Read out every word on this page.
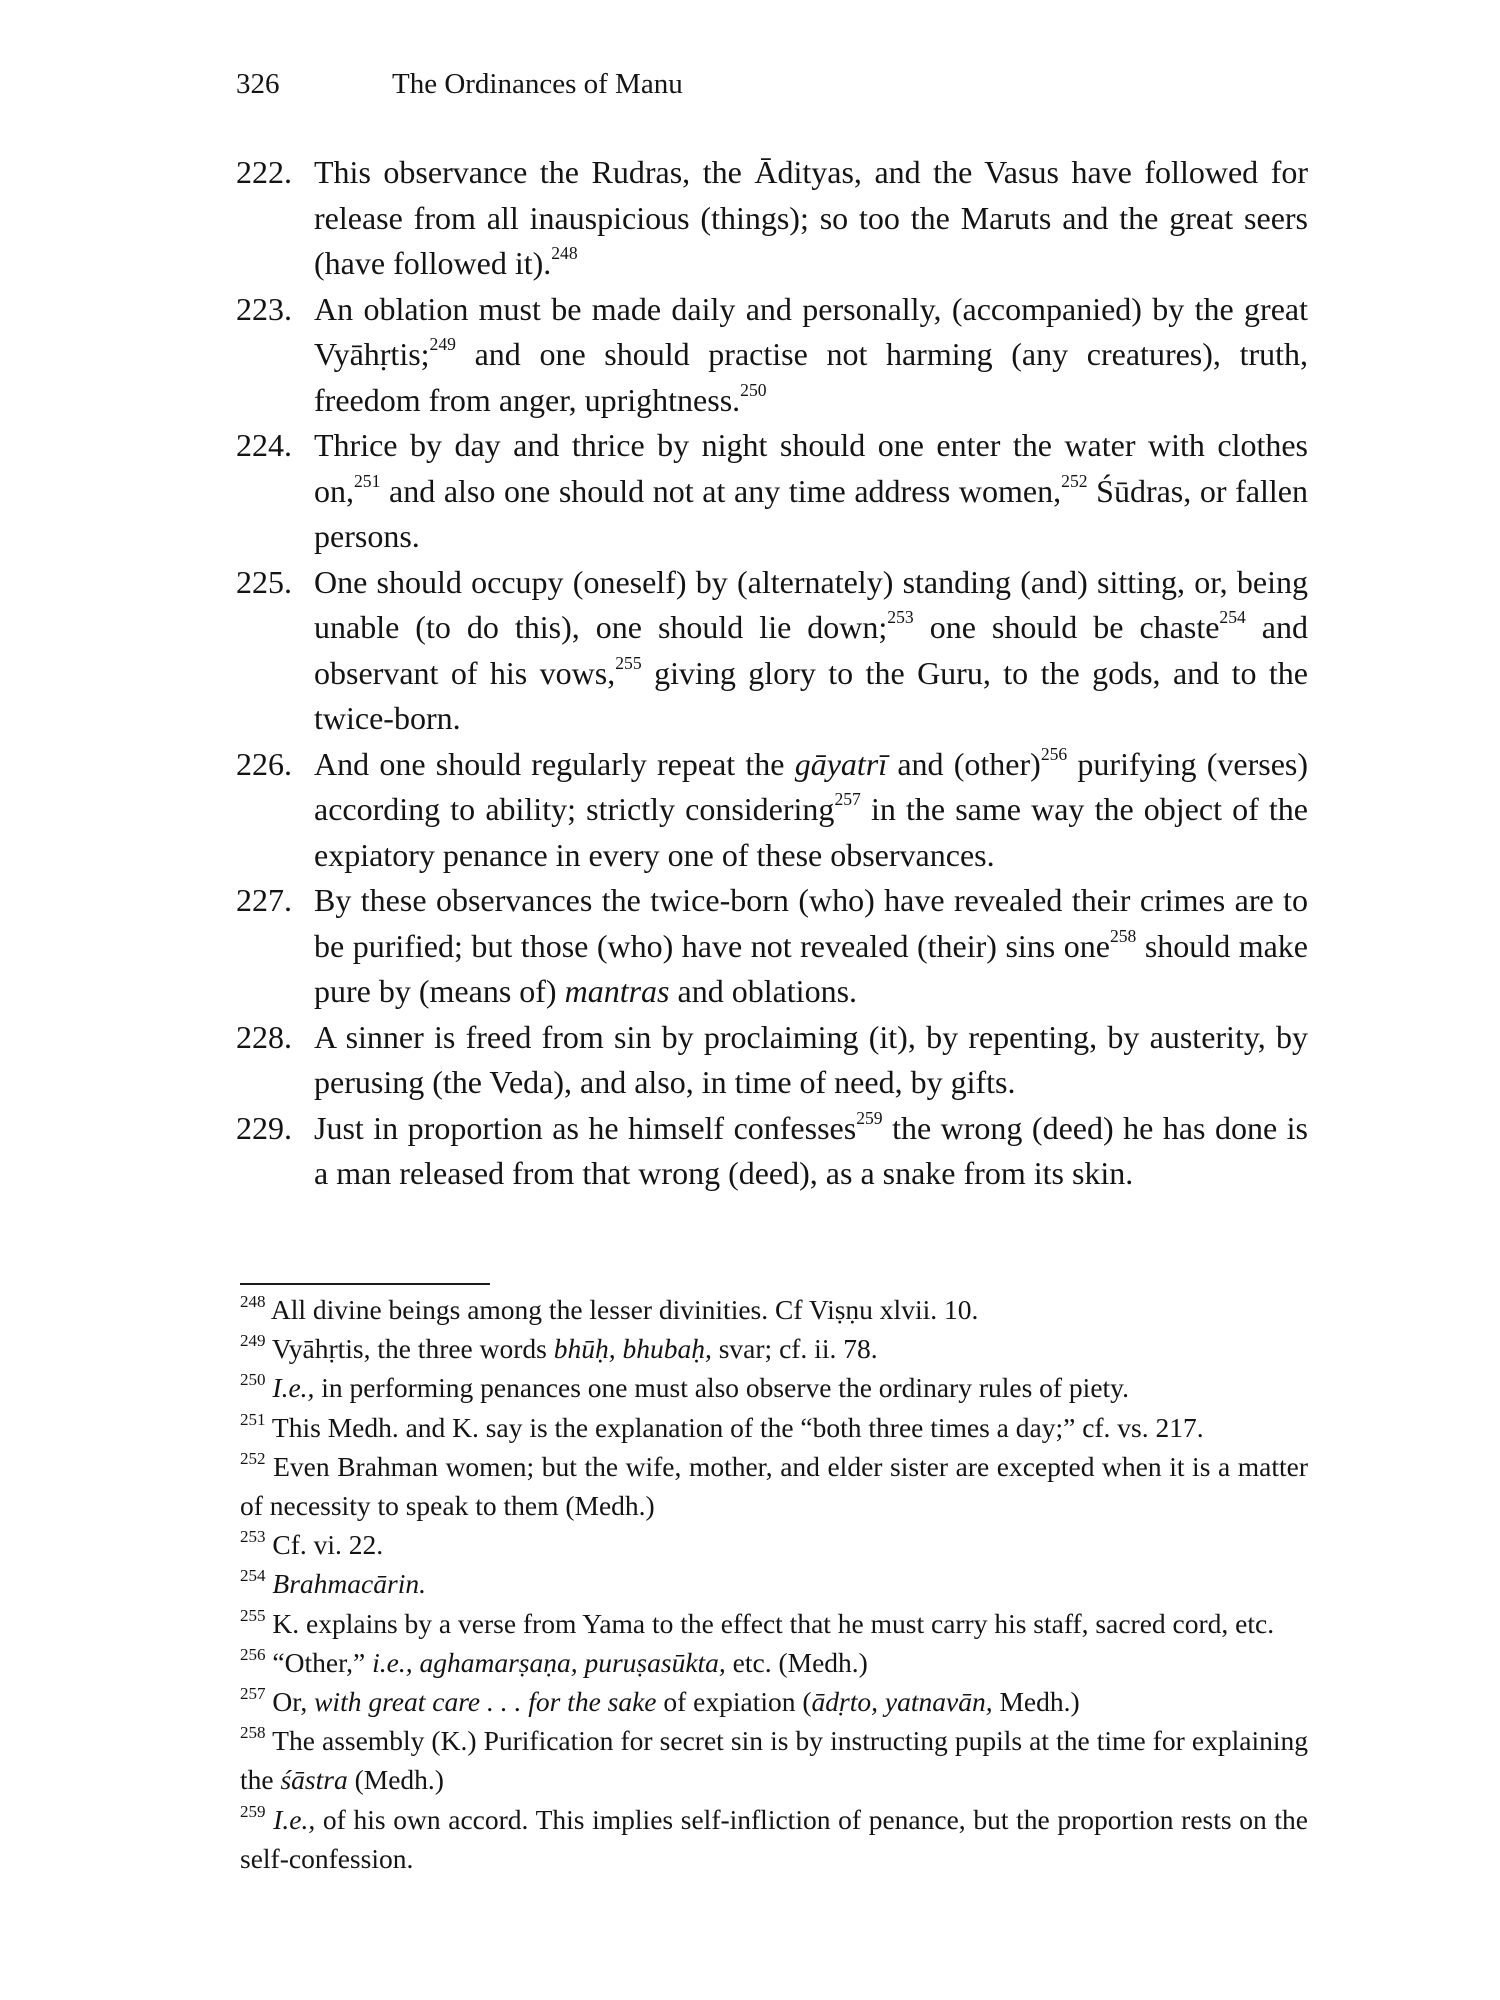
326	The Ordinances of Manu
222. This observance the Rudras, the Ādityas, and the Vasus have followed for release from all inauspicious (things); so too the Maruts and the great seers (have followed it).$^{248}$
223. An oblation must be made daily and personally, (accompanied) by the great Vyāhṛtis;$^{249}$ and one should practise not harming (any creatures), truth, freedom from anger, uprightness.$^{250}$
224. Thrice by day and thrice by night should one enter the water with clothes on,$^{251}$ and also one should not at any time address women,$^{252}$ Śūdras, or fallen persons.
225. One should occupy (oneself) by (alternately) standing (and) sitting, or, being unable (to do this), one should lie down;$^{253}$ one should be chaste$^{254}$ and observant of his vows,$^{255}$ giving glory to the Guru, to the gods, and to the twice-born.
226. And one should regularly repeat the gāyatrī and (other)$^{256}$ purifying (verses) according to ability; strictly considering$^{257}$ in the same way the object of the expiatory penance in every one of these observances.
227. By these observances the twice-born (who) have revealed their crimes are to be purified; but those (who) have not revealed (their) sins one$^{258}$ should make pure by (means of) mantras and oblations.
228. A sinner is freed from sin by proclaiming (it), by repenting, by austerity, by perusing (the Veda), and also, in time of need, by gifts.
229. Just in proportion as he himself confesses$^{259}$ the wrong (deed) he has done is a man released from that wrong (deed), as a snake from its skin.
$^{248}$ All divine beings among the lesser divinities. Cf Viṣṇu xlvii. 10.
$^{249}$ Vyāhṛtis, the three words bhūḥ, bhubaḥ, svar; cf. ii. 78.
$^{250}$ I.e., in performing penances one must also observe the ordinary rules of piety.
$^{251}$ This Medh. and K. say is the explanation of the “both three times a day;” cf. vs. 217.
$^{252}$ Even Brahman women; but the wife, mother, and elder sister are excepted when it is a matter of necessity to speak to them (Medh.)
$^{253}$ Cf. vi. 22.
$^{254}$ Brahmacārin.
$^{255}$ K. explains by a verse from Yama to the effect that he must carry his staff, sacred cord, etc.
$^{256}$ “Other,” i.e., aghamarṣaṇa, puruṣasūkta, etc. (Medh.)
$^{257}$ Or, with great care . . . for the sake of expiation (ādṛto, yatnavān, Medh.)
$^{258}$ The assembly (K.) Purification for secret sin is by instructing pupils at the time for explaining the śāstra (Medh.)
$^{259}$ I.e., of his own accord. This implies self-infliction of penance, but the proportion rests on the self-confession.
